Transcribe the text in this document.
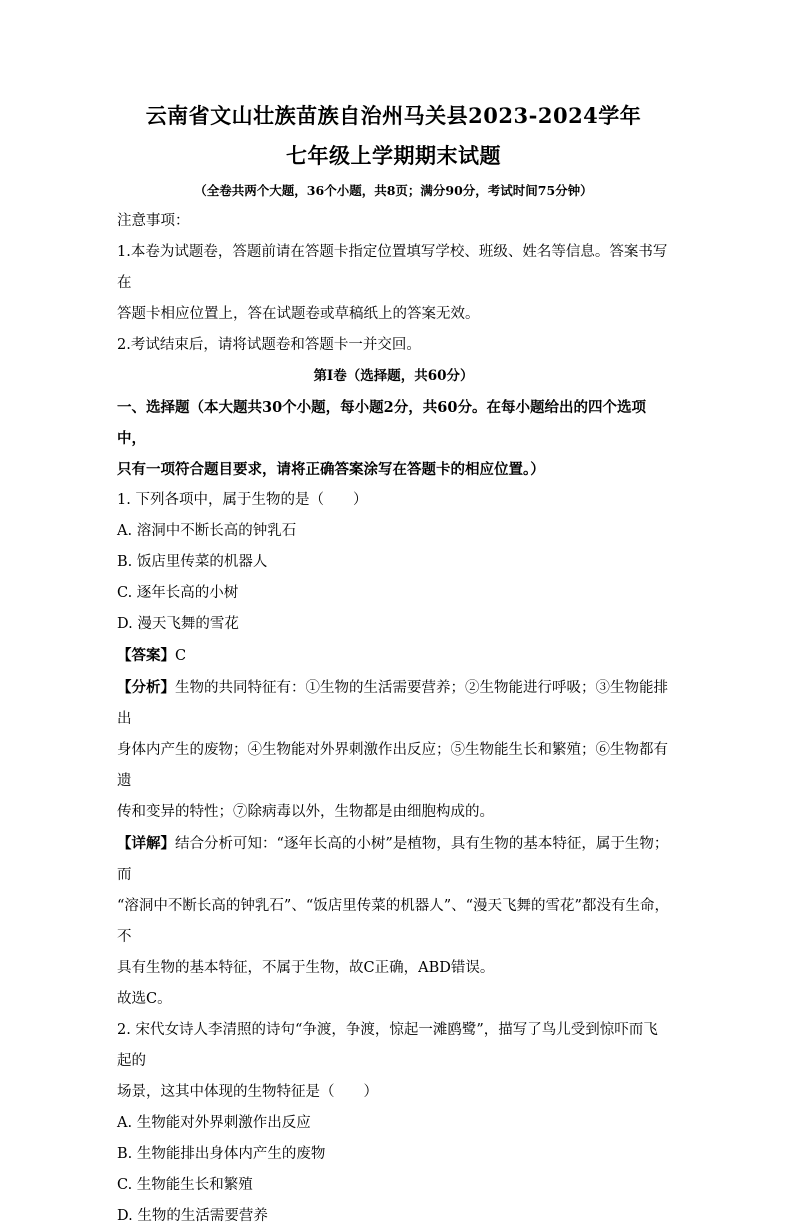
云南省文山壮族苗族自治州马关县2023-2024学年
七年级上学期期末试题
（全卷共两个大题，36个小题，共8页；满分90分，考试时间75分钟）

注意事项：

1.本卷为试题卷，答题前请在答题卡指定位置填写学校、班级、姓名等信息。答案书写在

答题卡相应位置上，答在试题卷或草稿纸上的答案无效。

2.考试结束后，请将试题卷和答题卡一并交回。

第Ⅰ卷（选择题，共60分）

一、选择题（本大题共30个小题，每小题2分，共60分。在每小题给出的四个选项中，

只有一项符合题目要求，请将正确答案涂写在答题卡的相应位置。）

1. 下列各项中，属于生物的是（　　）

A. 溶洞中不断长高的钟乳石

B. 饭店里传菜的机器人

C. 逐年长高的小树

D. 漫天飞舞的雪花

【答案】C

【分析】生物的共同特征有：①生物的生活需要营养；②生物能进行呼吸；③生物能排出

身体内产生的废物；④生物能对外界刺激作出反应；⑤生物能生长和繁殖；⑥生物都有遗

传和变异的特性；⑦除病毒以外，生物都是由细胞构成的。

【详解】结合分析可知：“逐年长高的小树”是植物，具有生物的基本特征，属于生物；而

“溶洞中不断长高的钟乳石”、“饭店里传菜的机器人”、“漫天飞舞的雪花”都没有生命，不

具有生物的基本特征，不属于生物，故C正确，ABD错误。

故选C。

2. 宋代女诗人李清照的诗句“争渡，争渡，惊起一滩鸥鹭”，描写了鸟儿受到惊吓而飞起的

场景，这其中体现的生物特征是（　　）

A. 生物能对外界刺激作出反应

B. 生物能排出身体内产生的废物

C. 生物能生长和繁殖

D. 生物的生活需要营养
